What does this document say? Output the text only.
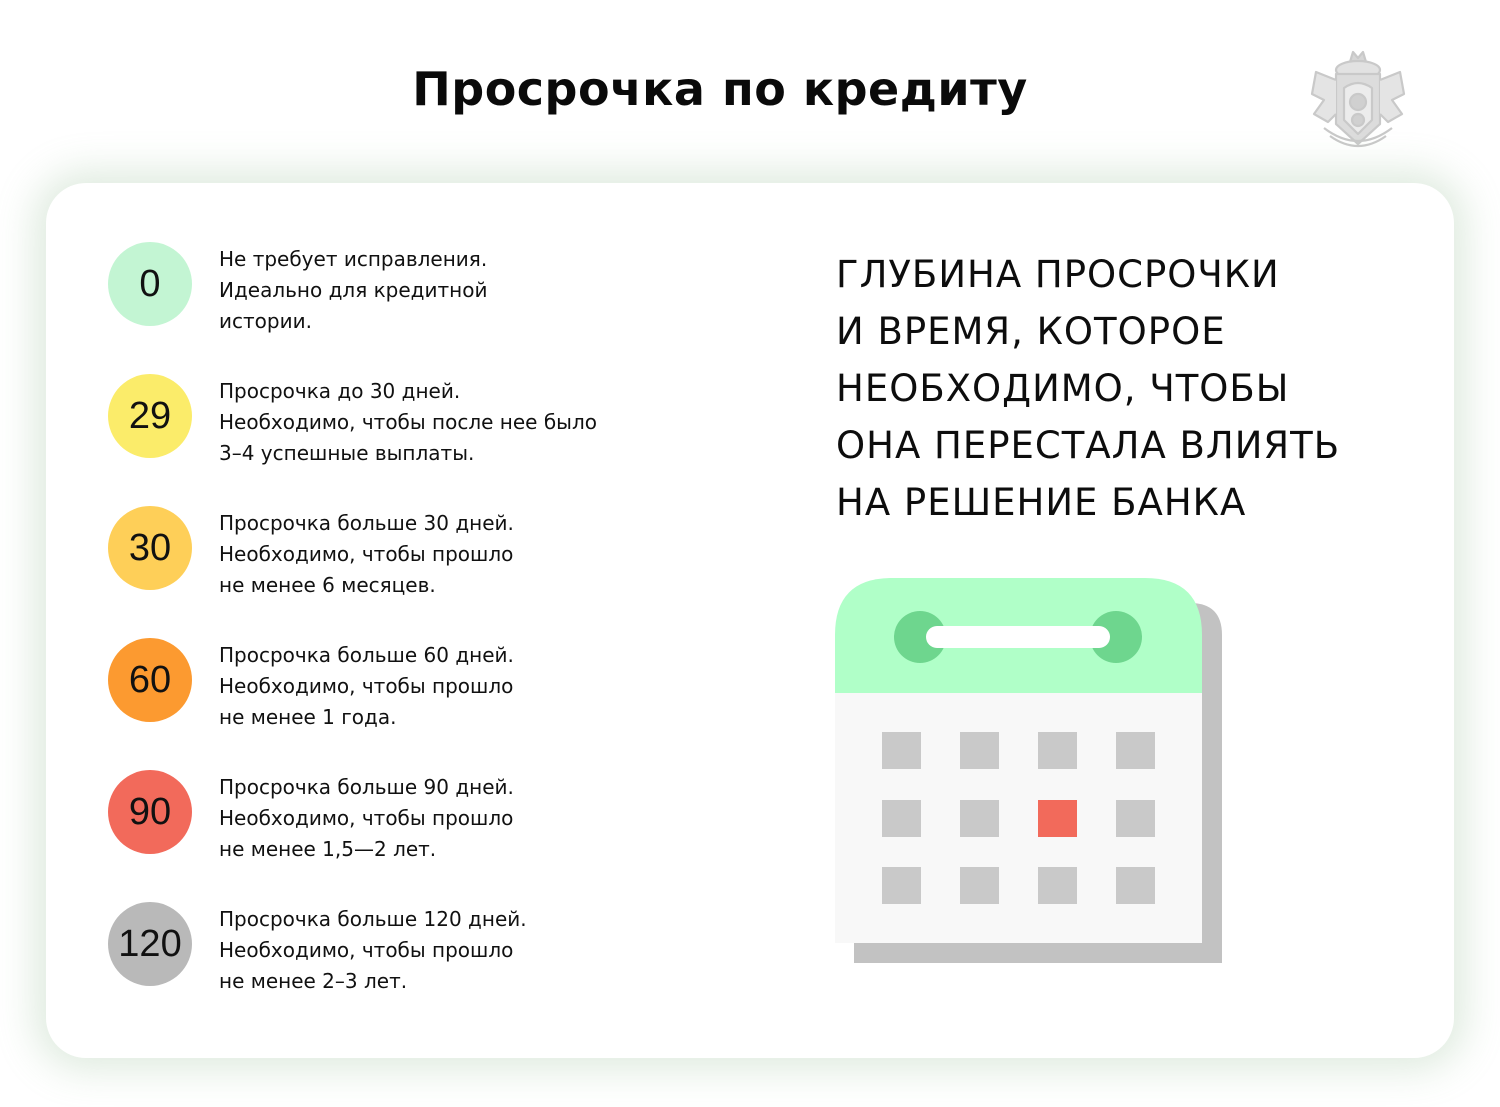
Просрочка по кредиту
0
Не требует исправления.
Идеально для кредитной
истории.
29
Просрочка до 30 дней.
Необходимо, чтобы после нее было
3–4 успешные выплаты.
30
Просрочка больше 30 дней.
Необходимо, чтобы прошло
не менее 6 месяцев.
60
Просрочка больше 60 дней.
Необходимо, чтобы прошло
не менее 1 года.
90
Просрочка больше 90 дней.
Необходимо, чтобы прошло
не менее 1,5—2 лет.
120
Просрочка больше 120 дней.
Необходимо, чтобы прошло
не менее 2–3 лет.
ГЛУБИНА ПРОСРОЧКИ
И ВРЕМЯ, КОТОРОЕ
НЕОБХОДИМО, ЧТОБЫ
ОНА ПЕРЕСТАЛА ВЛИЯТЬ
НА РЕШЕНИЕ БАНКА
